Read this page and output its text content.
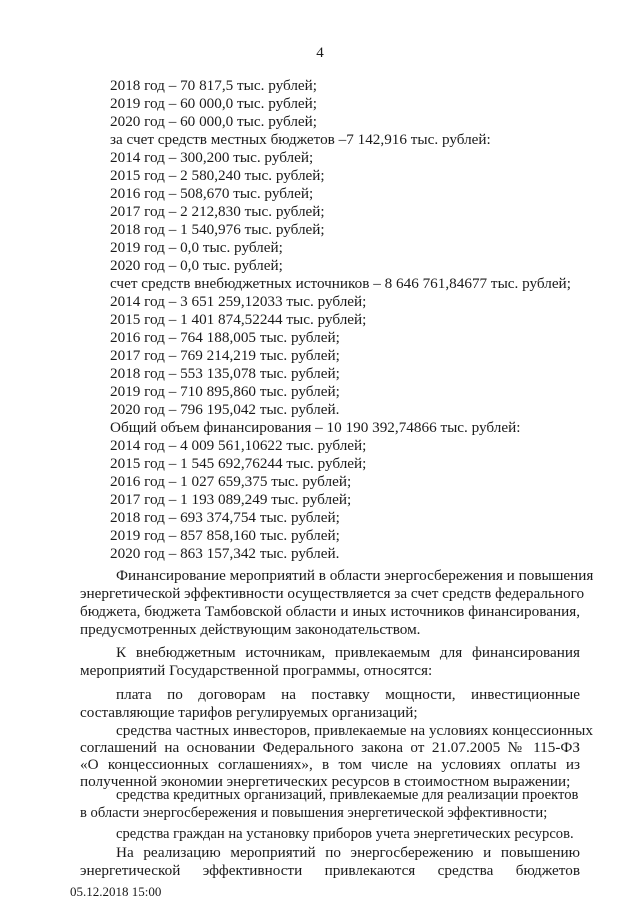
4
2018 год – 70 817,5 тыс. рублей;
2019 год – 60 000,0 тыс. рублей;
2020 год – 60 000,0 тыс. рублей;
за счет средств местных бюджетов –7 142,916 тыс. рублей:
2014 год – 300,200 тыс. рублей;
2015 год – 2 580,240 тыс. рублей;
2016 год – 508,670 тыс. рублей;
2017 год – 2 212,830 тыс. рублей;
2018 год – 1 540,976 тыс. рублей;
2019 год – 0,0 тыс. рублей;
2020 год – 0,0 тыс. рублей;
счет средств внебюджетных источников – 8 646 761,84677 тыс. рублей;
2014 год – 3 651 259,12033 тыс. рублей;
2015 год – 1 401 874,52244 тыс. рублей;
2016 год – 764 188,005 тыс. рублей;
2017 год – 769 214,219 тыс. рублей;
2018 год – 553 135,078 тыс. рублей;
2019 год – 710 895,860 тыс. рублей;
2020 год – 796 195,042 тыс. рублей.
Общий объем финансирования – 10 190 392,74866 тыс. рублей:
2014 год – 4 009 561,10622 тыс. рублей;
2015 год – 1 545 692,76244 тыс. рублей;
2016 год – 1 027 659,375 тыс. рублей;
2017 год – 1 193 089,249 тыс. рублей;
2018 год – 693 374,754 тыс. рублей;
2019 год – 857 858,160 тыс. рублей;
2020 год – 863 157,342 тыс. рублей.
Финансирование мероприятий в области энергосбережения и повышения
энергетической эффективности осуществляется за счет средств федерального
бюджета, бюджета Тамбовской области и иных источников финансирования,
предусмотренных действующим законодательством.
К внебюджетным источникам, привлекаемым для финансирования
мероприятий Государственной программы, относятся:
плата по договорам на поставку мощности, инвестиционные
составляющие тарифов регулируемых организаций;
средства частных инвесторов, привлекаемые на условиях концессионных
соглашений на основании Федерального закона от 21.07.2005 № 115-ФЗ
«О концессионных соглашениях», в том числе на условиях оплаты из
полученной экономии энергетических ресурсов в стоимостном выражении;
средства кредитных организаций, привлекаемые для реализации проектов
в области энергосбережения и повышения энергетической эффективности;
средства граждан на установку приборов учета энергетических ресурсов.
На реализацию мероприятий по энергосбережению и повышению
энергетической эффективности привлекаются средства бюджетов
05.12.2018 15:00
